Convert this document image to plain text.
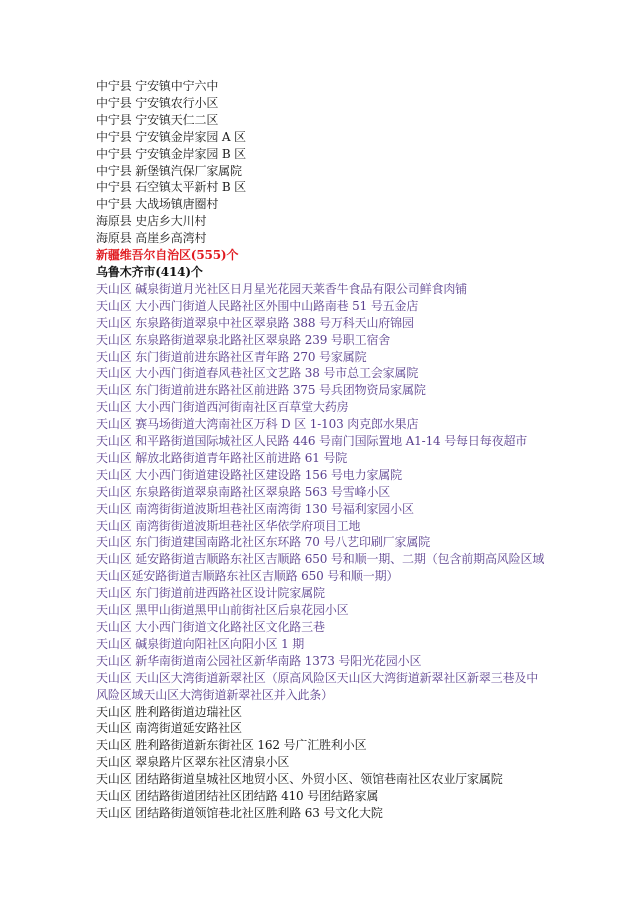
中宁县 宁安镇中宁六中
中宁县 宁安镇农行小区
中宁县 宁安镇天仁二区
中宁县 宁安镇金岸家园 A 区
中宁县 宁安镇金岸家园 B 区
中宁县 新堡镇汽保厂家属院
中宁县 石空镇太平新村 B 区
中宁县 大战场镇唐圈村
海原县 史店乡大川村
海原县 高崖乡高湾村
新疆维吾尔自治区(555)个
乌鲁木齐市(414)个
天山区 碱泉街道月光社区日月星光花园天莱香牛食品有限公司鲜食肉铺
天山区 大小西门街道人民路社区外围中山路南巷 51 号五金店
天山区 东泉路街道翠泉中社区翠泉路 388 号万科天山府锦园
天山区 东泉路街道翠泉北路社区翠泉路 239 号职工宿舍
天山区 东门街道前进东路社区青年路 270 号家属院
天山区 大小西门街道春风巷社区文艺路 38 号市总工会家属院
天山区 东门街道前进东路社区前进路 375 号兵团物资局家属院
天山区 大小西门街道西河街南社区百草堂大药房
天山区 赛马场街道大湾南社区万科 D 区 1-103 肉克郎水果店
天山区 和平路街道国际城社区人民路 446 号南门国际置地 A1-14 号每日每夜超市
天山区 解放北路街道青年路社区前进路 61 号院
天山区 大小西门街道建设路社区建设路 156 号电力家属院
天山区 东泉路街道翠泉南路社区翠泉路 563 号雪峰小区
天山区 南湾街街道波斯坦巷社区南湾街 130 号福利家园小区
天山区 南湾街街道波斯坦巷社区华依学府项目工地
天山区 东门街道建国南路北社区东环路 70 号八艺印刷厂家属院
天山区 延安路街道吉顺路东社区吉顺路 650 号和顺一期、二期（包含前期高风险区域
天山区延安路街道吉顺路东社区吉顺路 650 号和顺一期）
天山区 东门街道前进西路社区设计院家属院
天山区 黑甲山街道黑甲山前街社区后泉花园小区
天山区 大小西门街道文化路社区文化路三巷
天山区 碱泉街道向阳社区向阳小区 1 期
天山区 新华南街道南公园社区新华南路 1373 号阳光花园小区
天山区 天山区大湾街道新翠社区（原高风险区天山区大湾街道新翠社区新翠三巷及中
风险区域天山区大湾街道新翠社区并入此条）
天山区 胜利路街道边瑞社区
天山区 南湾街道延安路社区
天山区 胜利路街道新东街社区 162 号广汇胜利小区
天山区 翠泉路片区翠东社区清泉小区
天山区 团结路街道皇城社区地贸小区、外贸小区、领馆巷南社区农业厅家属院
天山区 团结路街道团结社区团结路 410 号团结路家属
天山区 团结路街道领馆巷北社区胜利路 63 号文化大院
